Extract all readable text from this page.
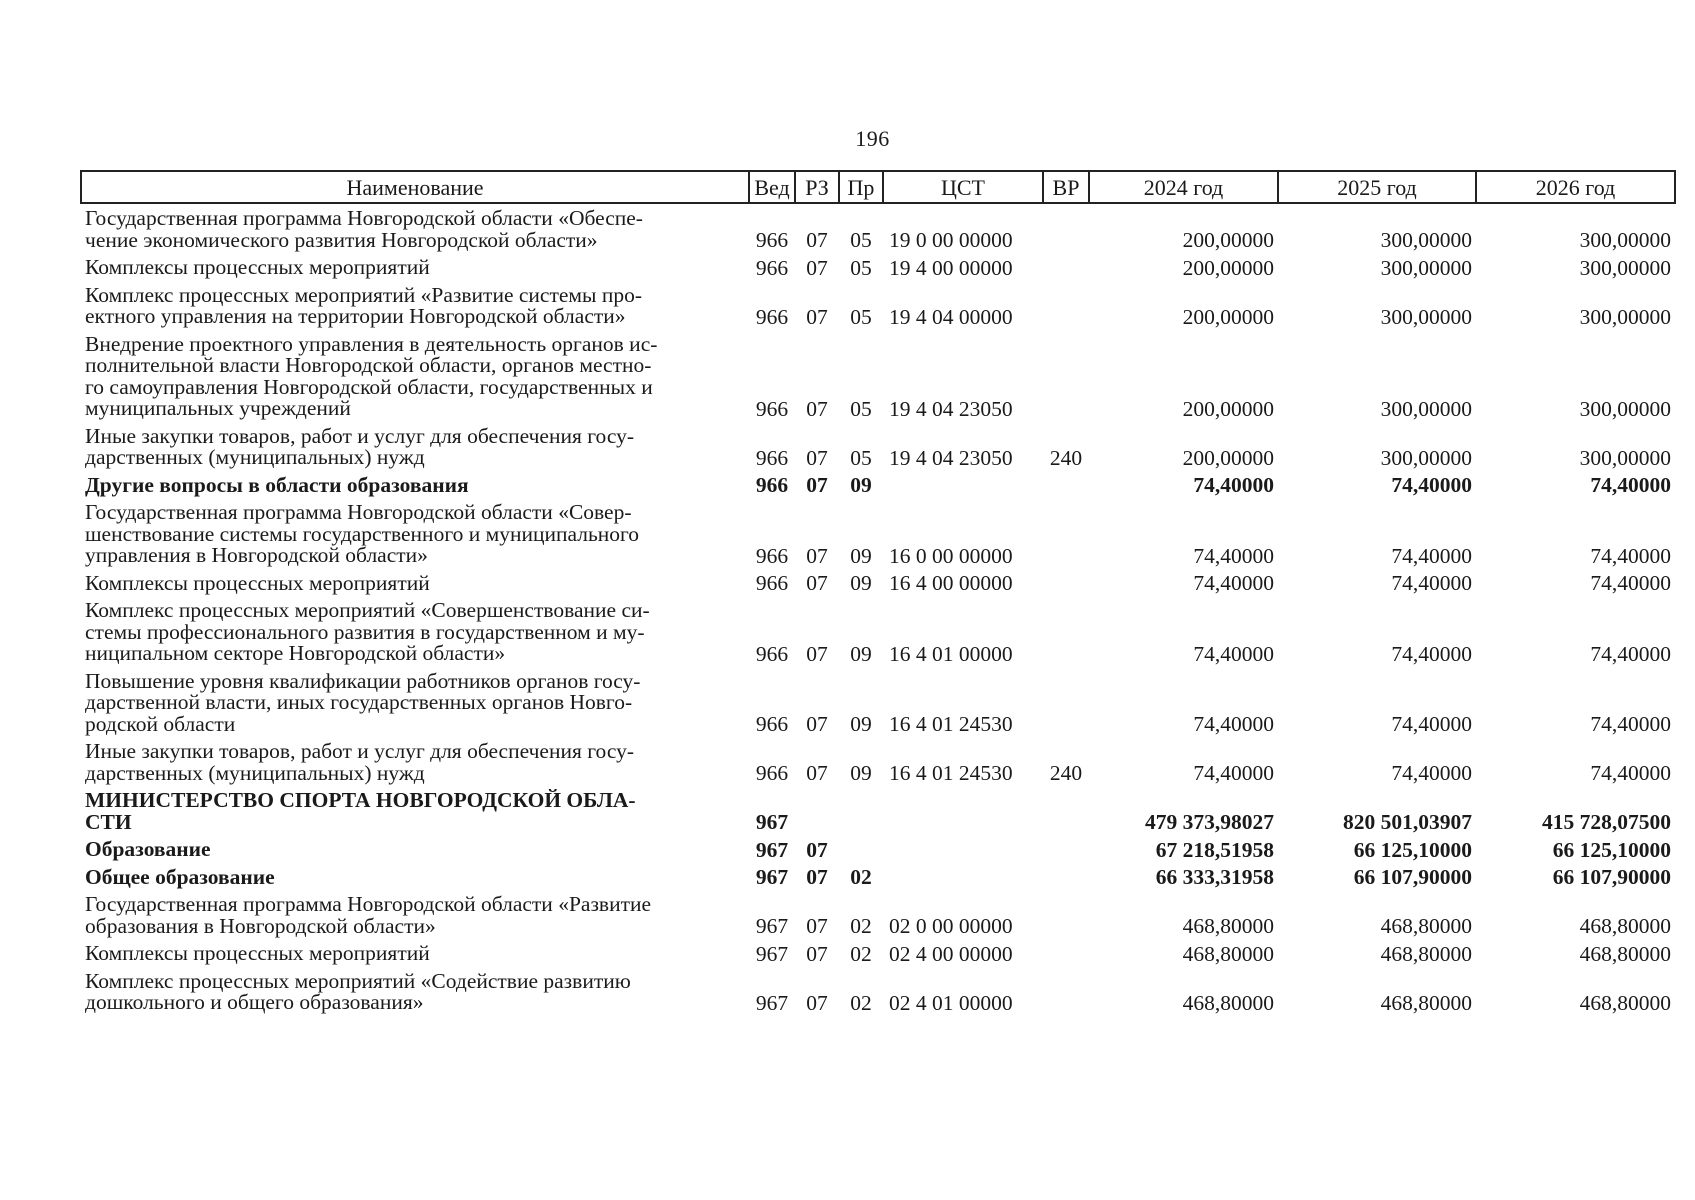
196
Наименование	Вед	РЗ	Пр	ЦСТ	ВР	2024 год	2025 год	2026 год

Государственная программа Новгородской области «Обеспе-
чение экономического развития Новгородской области»	966	07	05	19 0 00 00000		200,00000	300,00000	300,00000

Комплексы процессных мероприятий	966	07	05	19 4 00 00000		200,00000	300,00000	300,00000

Комплекс процессных мероприятий «Развитие системы про-
ектного управления на территории Новгородской области»	966	07	05	19 4 04 00000		200,00000	300,00000	300,00000

Внедрение проектного управления в деятельность органов ис-
полнительной власти Новгородской области, органов местно-
го самоуправления Новгородской области, государственных и
муниципальных учреждений	966	07	05	19 4 04 23050		200,00000	300,00000	300,00000

Иные закупки товаров, работ и услуг для обеспечения госу-
дарственных (муниципальных) нужд	966	07	05	19 4 04 23050	240	200,00000	300,00000	300,00000

Другие вопросы в области образования	966	07	09			74,40000	74,40000	74,40000

Государственная программа Новгородской области «Совер-
шенствование системы государственного и муниципального
управления в Новгородской области»	966	07	09	16 0 00 00000		74,40000	74,40000	74,40000

Комплексы процессных мероприятий	966	07	09	16 4 00 00000		74,40000	74,40000	74,40000

Комплекс процессных мероприятий «Совершенствование си-
стемы профессионального развития в государственном и му-
ниципальном секторе Новгородской области»	966	07	09	16 4 01 00000		74,40000	74,40000	74,40000

Повышение уровня квалификации работников органов госу-
дарственной власти, иных государственных органов Новго-
родской области	966	07	09	16 4 01 24530		74,40000	74,40000	74,40000

Иные закупки товаров, работ и услуг для обеспечения госу-
дарственных (муниципальных) нужд	966	07	09	16 4 01 24530	240	74,40000	74,40000	74,40000

МИНИСТЕРСТВО СПОРТА НОВГОРОДСКОЙ ОБЛА-
СТИ	967					479 373,98027	820 501,03907	415 728,07500

Образование	967	07				67 218,51958	66 125,10000	66 125,10000

Общее образование	967	07	02			66 333,31958	66 107,90000	66 107,90000

Государственная программа Новгородской области «Развитие
образования в Новгородской области»	967	07	02	02 0 00 00000		468,80000	468,80000	468,80000

Комплексы процессных мероприятий	967	07	02	02 4 00 00000		468,80000	468,80000	468,80000

Комплекс процессных мероприятий «Содействие развитию
дошкольного и общего образования»	967	07	02	02 4 01 00000		468,80000	468,80000	468,80000
